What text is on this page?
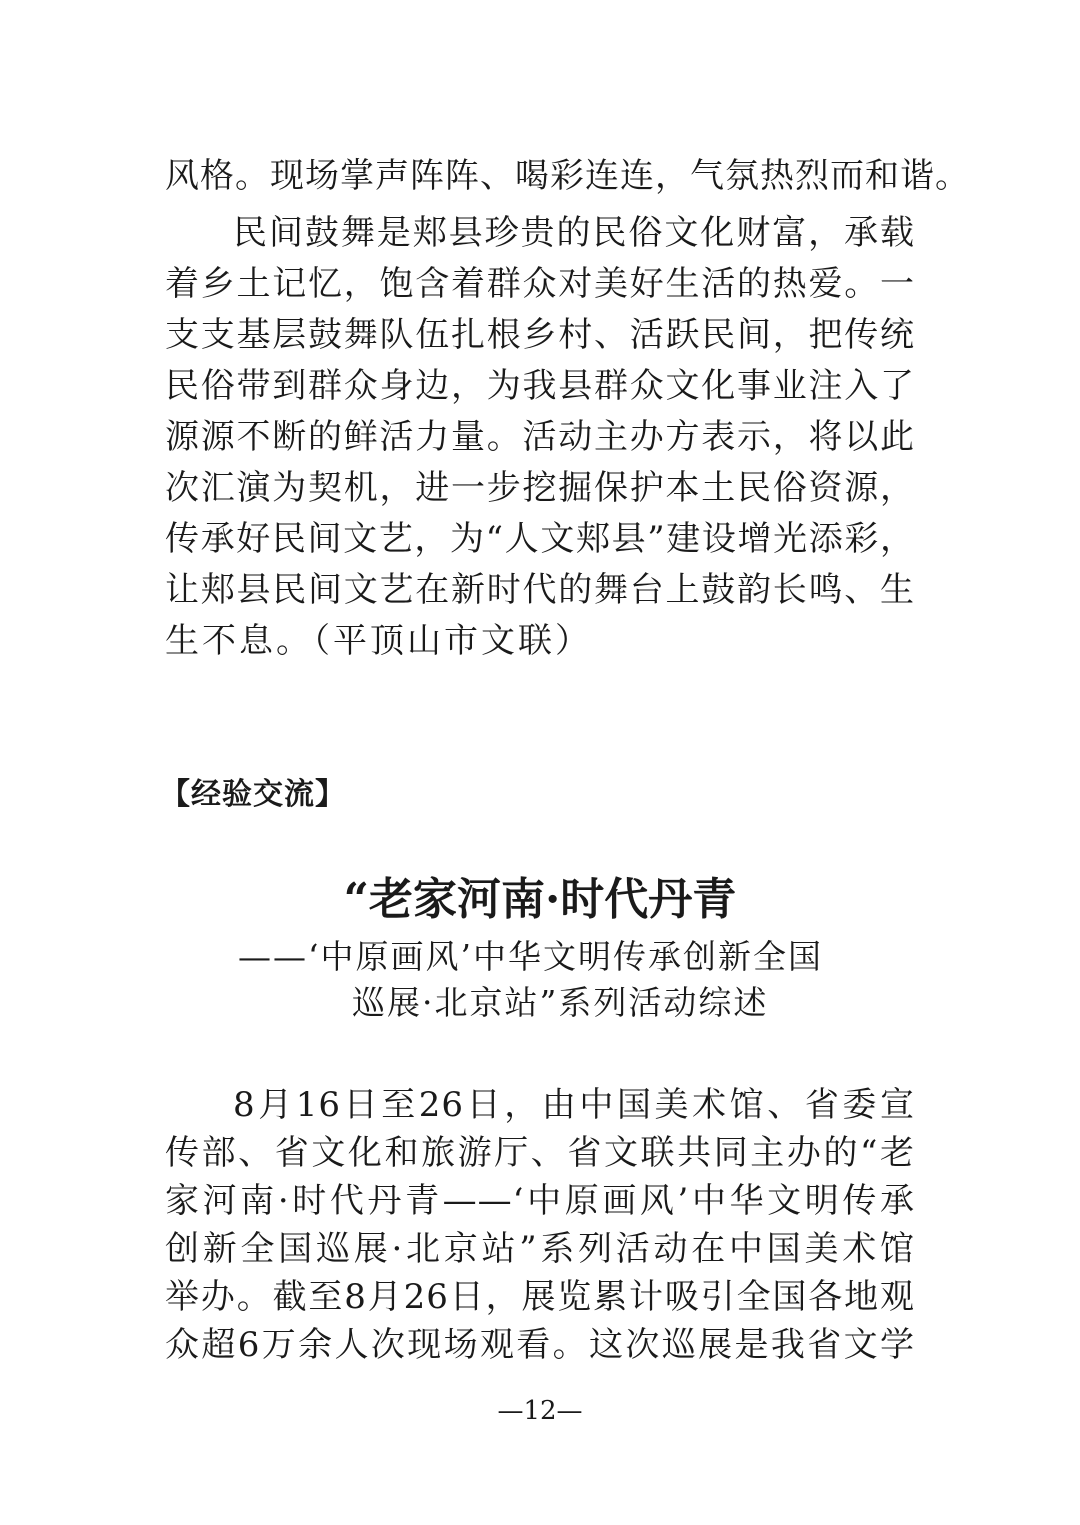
风格。现场掌声阵阵、喝彩连连，气氛热烈而和谐。
民间鼓舞是郏县珍贵的民俗文化财富，承载
着乡土记忆，饱含着群众对美好生活的热爱。一
支支基层鼓舞队伍扎根乡村、活跃民间，把传统
民俗带到群众身边，为我县群众文化事业注入了
源源不断的鲜活力量。活动主办方表示，将以此
次汇演为契机，进一步挖掘保护本土民俗资源，
传承好民间文艺，为“人文郏县”建设增光添彩，
让郏县民间文艺在新时代的舞台上鼓韵长鸣、生
生不息。（平顶山市文联）
【经验交流】
“老家河南·时代丹青
——‘中原画风’中华文明传承创新全国
巡展·北京站”系列活动综述
8月16日至26日，由中国美术馆、省委宣
传部、省文化和旅游厅、省文联共同主办的“老
家河南·时代丹青——‘中原画风’中华文明传承
创新全国巡展·北京站”系列活动在中国美术馆
举办。截至8月26日，展览累计吸引全国各地观
众超6万余人次现场观看。这次巡展是我省文学
—12—
